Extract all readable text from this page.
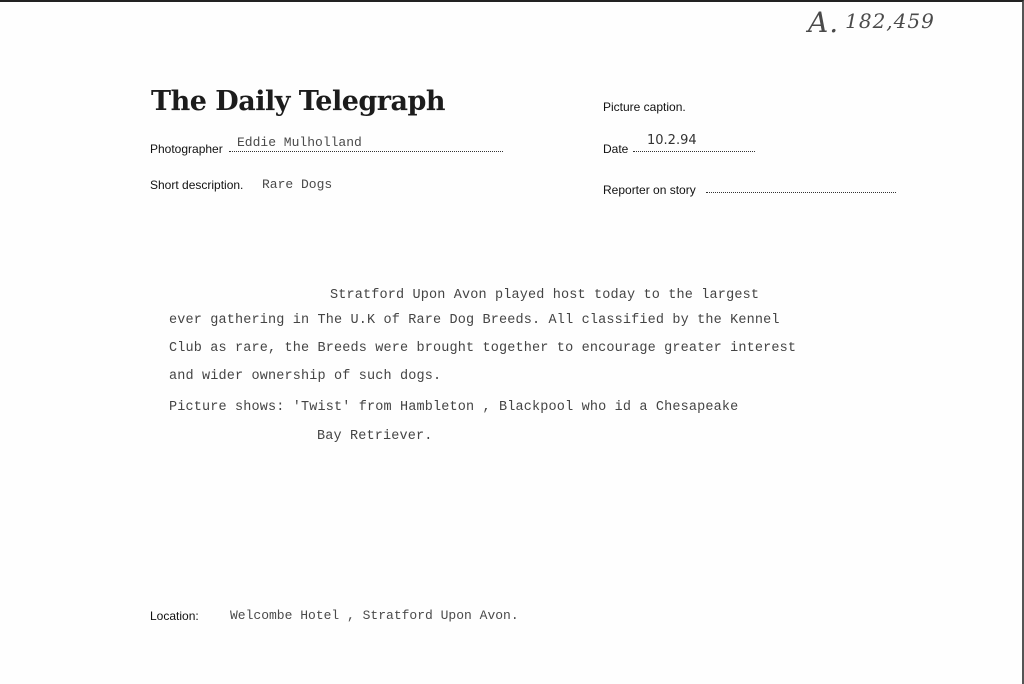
A. 182,459
The Daily Telegraph
Photographer Eddie Mulholland
Short description. Rare Dogs
Picture caption.
Date
10.2.94
Reporter on story
Stratford Upon Avon played host today to the largest
ever gathering in The U.K of Rare Dog Breeds. All classified by the Kennel
Club as rare, the Breeds were brought together to encourage greater interest
and wider ownership of such dogs.
Picture shows: 'Twist' from Hambleton , Blackpool who id a Chesapeake
Bay Retriever.
Location: Welcombe Hotel , Stratford Upon Avon.
